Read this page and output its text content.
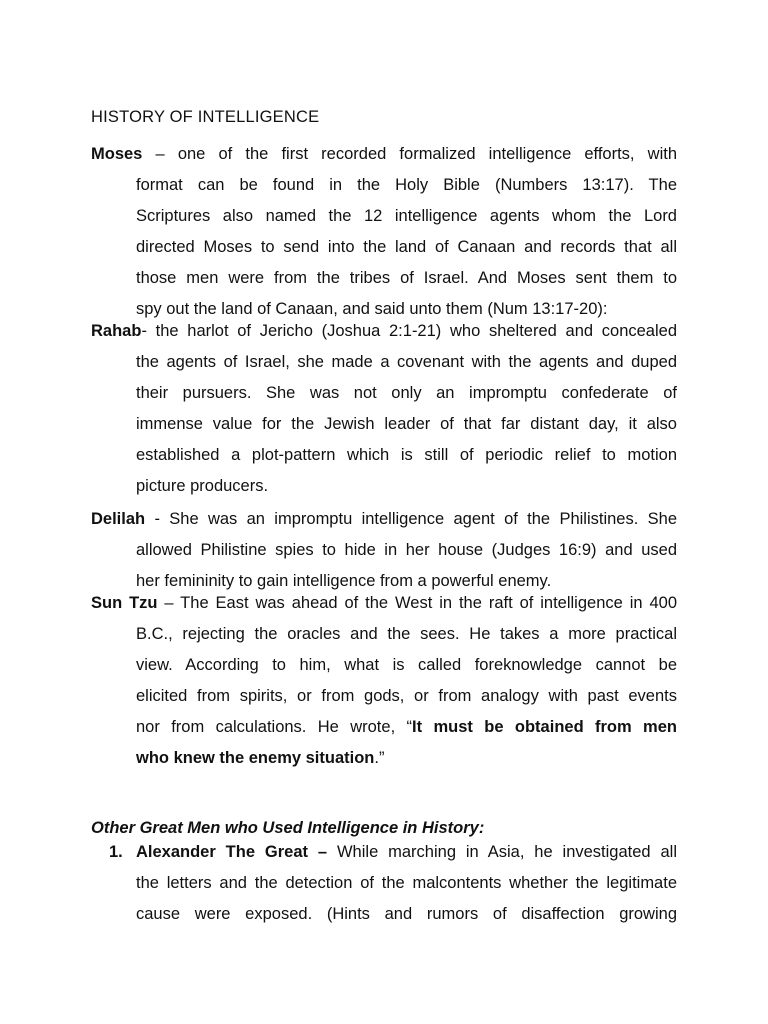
HISTORY OF INTELLIGENCE
Moses – one of the first recorded formalized intelligence efforts, with
format can be found in the Holy Bible (Numbers 13:17). The
Scriptures also named the 12 intelligence agents whom the Lord
directed Moses to send into the land of Canaan and records that all
those men were from the tribes of Israel. And Moses sent them to
spy out the land of Canaan, and said unto them (Num 13:17-20):
Rahab- the harlot of Jericho (Joshua 2:1-21) who sheltered and concealed
the agents of Israel, she made a covenant with the agents and duped
their pursuers. She was not only an impromptu confederate of
immense value for the Jewish leader of that far distant day, it also
established a plot-pattern which is still of periodic relief to motion
picture producers.
Delilah - She was an impromptu intelligence agent of the Philistines. She
allowed Philistine spies to hide in her house (Judges 16:9) and used
her femininity to gain intelligence from a powerful enemy.
Sun Tzu – The East was ahead of the West in the raft of intelligence in 400
B.C., rejecting the oracles and the sees. He takes a more practical
view. According to him, what is called foreknowledge cannot be
elicited from spirits, or from gods, or from analogy with past events
nor from calculations. He wrote, “It must be obtained from men
who knew the enemy situation.”
Other Great Men who Used Intelligence in History:
1. Alexander The Great – While marching in Asia, he investigated all
the letters and the detection of the malcontents whether the legitimate
cause were exposed. (Hints and rumors of disaffection growing
